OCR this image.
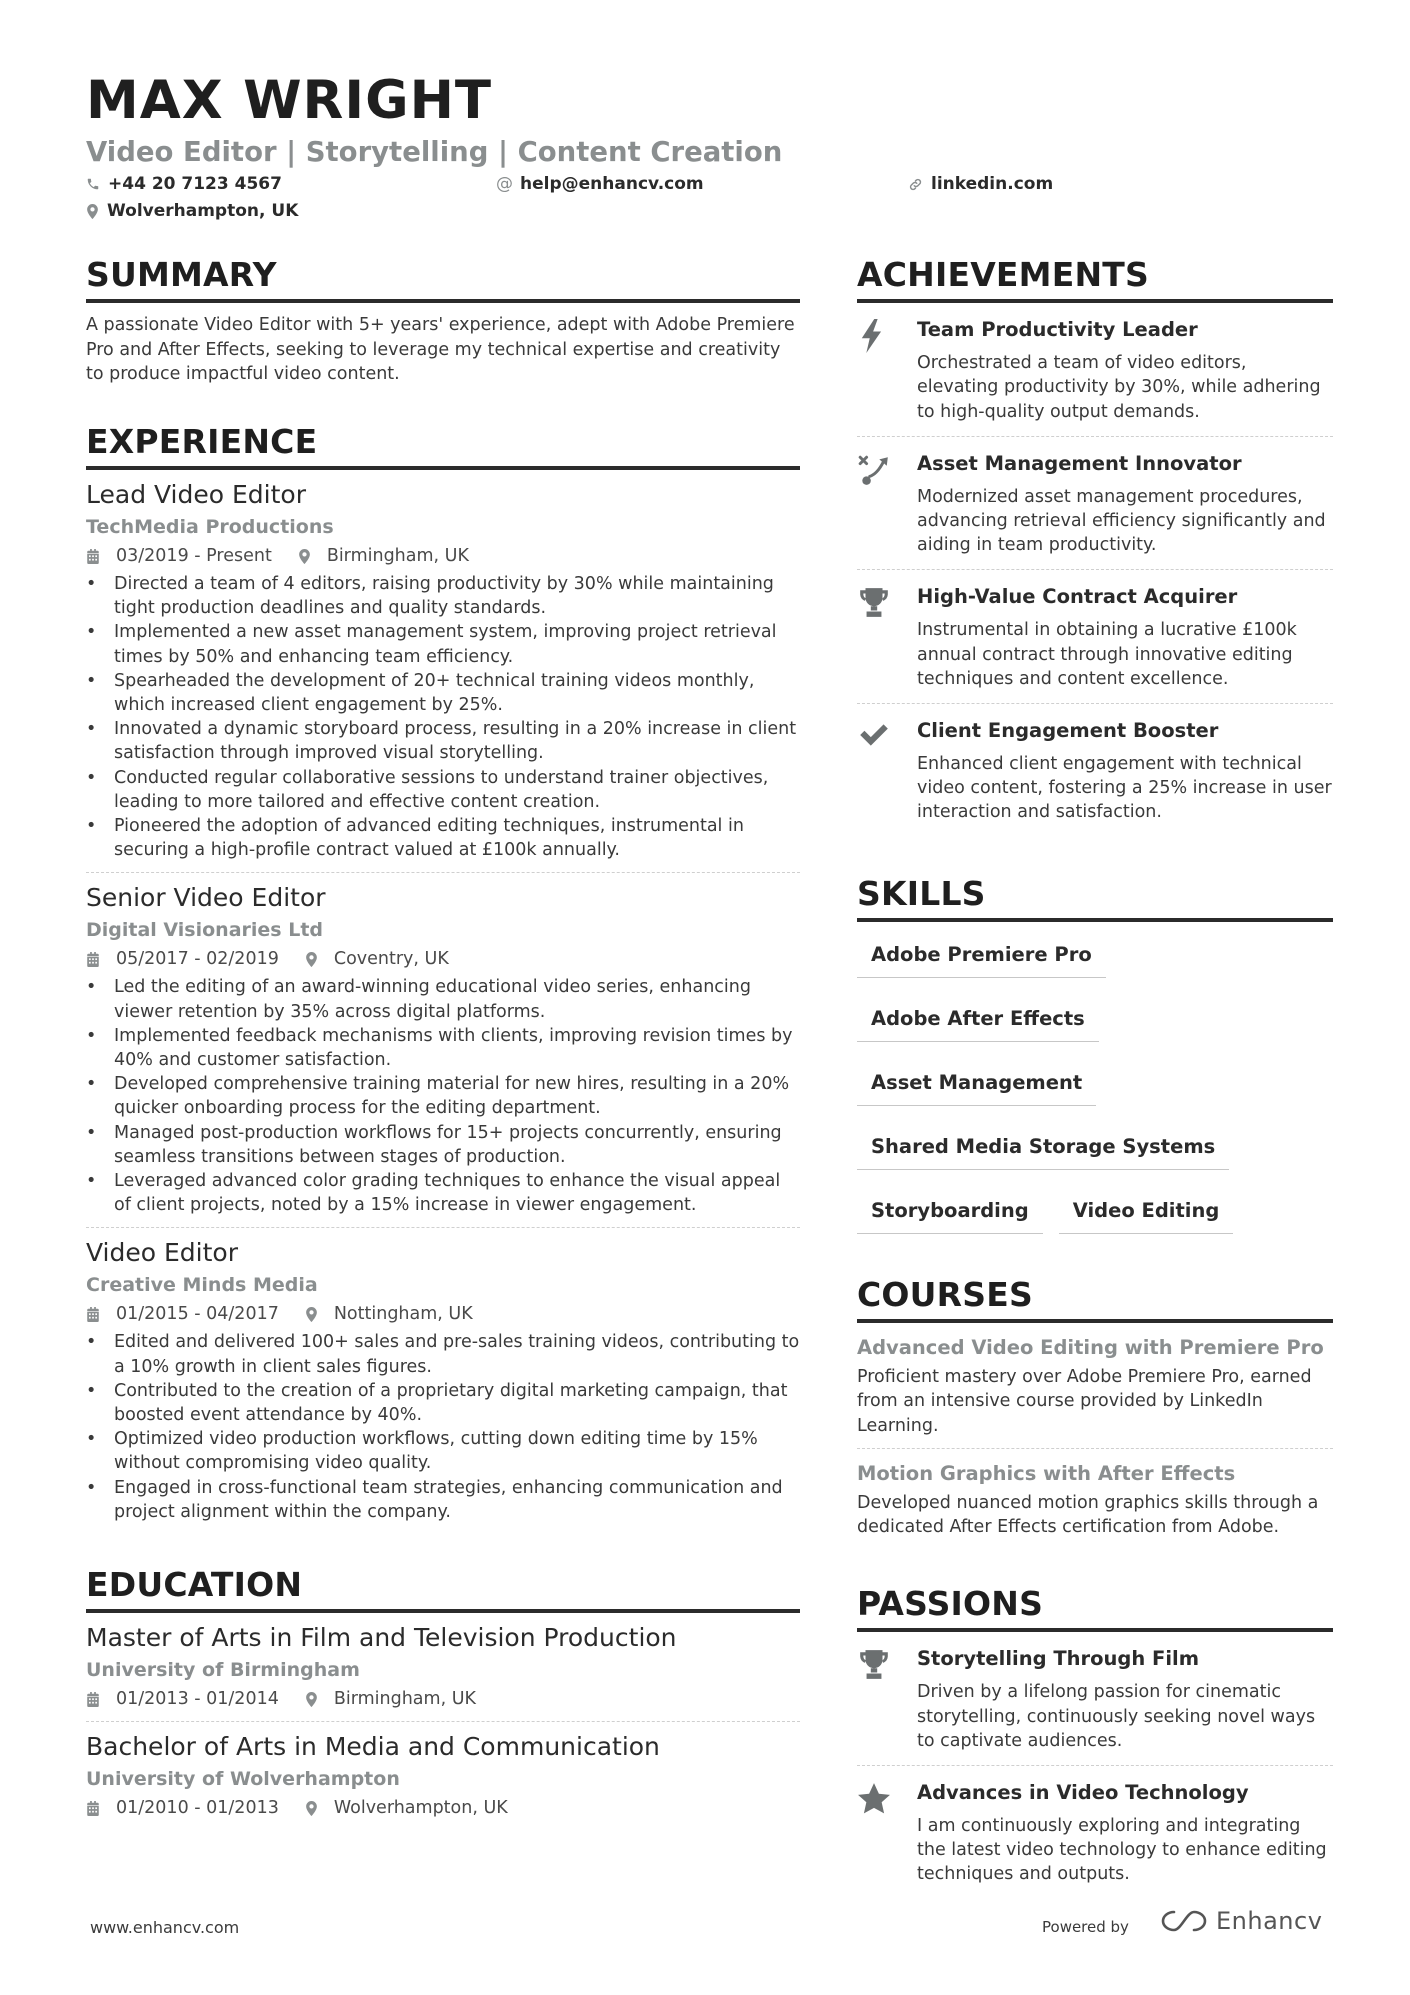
MAX WRIGHT
Video Editor | Storytelling | Content Creation
+44 20 7123 4567	@ help@enhancv.com	linkedin.com
Wolverhampton, UK
SUMMARY
A passionate Video Editor with 5+ years' experience, adept with Adobe Premiere Pro and After Effects, seeking to leverage my technical expertise and creativity to produce impactful video content.
EXPERIENCE
Lead Video Editor
TechMedia Productions
03/2019 - Present	Birmingham, UK
• Directed a team of 4 editors, raising productivity by 30% while maintaining tight production deadlines and quality standards.
• Implemented a new asset management system, improving project retrieval times by 50% and enhancing team efficiency.
• Spearheaded the development of 20+ technical training videos monthly, which increased client engagement by 25%.
• Innovated a dynamic storyboard process, resulting in a 20% increase in client satisfaction through improved visual storytelling.
• Conducted regular collaborative sessions to understand trainer objectives, leading to more tailored and effective content creation.
• Pioneered the adoption of advanced editing techniques, instrumental in securing a high-profile contract valued at £100k annually.
Senior Video Editor
Digital Visionaries Ltd
05/2017 - 02/2019	Coventry, UK
• Led the editing of an award-winning educational video series, enhancing viewer retention by 35% across digital platforms.
• Implemented feedback mechanisms with clients, improving revision times by 40% and customer satisfaction.
• Developed comprehensive training material for new hires, resulting in a 20% quicker onboarding process for the editing department.
• Managed post-production workflows for 15+ projects concurrently, ensuring seamless transitions between stages of production.
• Leveraged advanced color grading techniques to enhance the visual appeal of client projects, noted by a 15% increase in viewer engagement.
Video Editor
Creative Minds Media
01/2015 - 04/2017	Nottingham, UK
• Edited and delivered 100+ sales and pre-sales training videos, contributing to a 10% growth in client sales figures.
• Contributed to the creation of a proprietary digital marketing campaign, that boosted event attendance by 40%.
• Optimized video production workflows, cutting down editing time by 15% without compromising video quality.
• Engaged in cross-functional team strategies, enhancing communication and project alignment within the company.
EDUCATION
Master of Arts in Film and Television Production
University of Birmingham
01/2013 - 01/2014	Birmingham, UK
Bachelor of Arts in Media and Communication
University of Wolverhampton
01/2010 - 01/2013	Wolverhampton, UK
ACHIEVEMENTS
Team Productivity Leader
Orchestrated a team of video editors, elevating productivity by 30%, while adhering to high-quality output demands.
Asset Management Innovator
Modernized asset management procedures, advancing retrieval efficiency significantly and aiding in team productivity.
High-Value Contract Acquirer
Instrumental in obtaining a lucrative £100k annual contract through innovative editing techniques and content excellence.
Client Engagement Booster
Enhanced client engagement with technical video content, fostering a 25% increase in user interaction and satisfaction.
SKILLS
Adobe Premiere Pro
Adobe After Effects
Asset Management
Shared Media Storage Systems
Storyboarding	Video Editing
COURSES
Advanced Video Editing with Premiere Pro
Proficient mastery over Adobe Premiere Pro, earned from an intensive course provided by LinkedIn Learning.
Motion Graphics with After Effects
Developed nuanced motion graphics skills through a dedicated After Effects certification from Adobe.
PASSIONS
Storytelling Through Film
Driven by a lifelong passion for cinematic storytelling, continuously seeking novel ways to captivate audiences.
Advances in Video Technology
I am continuously exploring and integrating the latest video technology to enhance editing techniques and outputs.
www.enhancv.com	Powered by	Enhancv
